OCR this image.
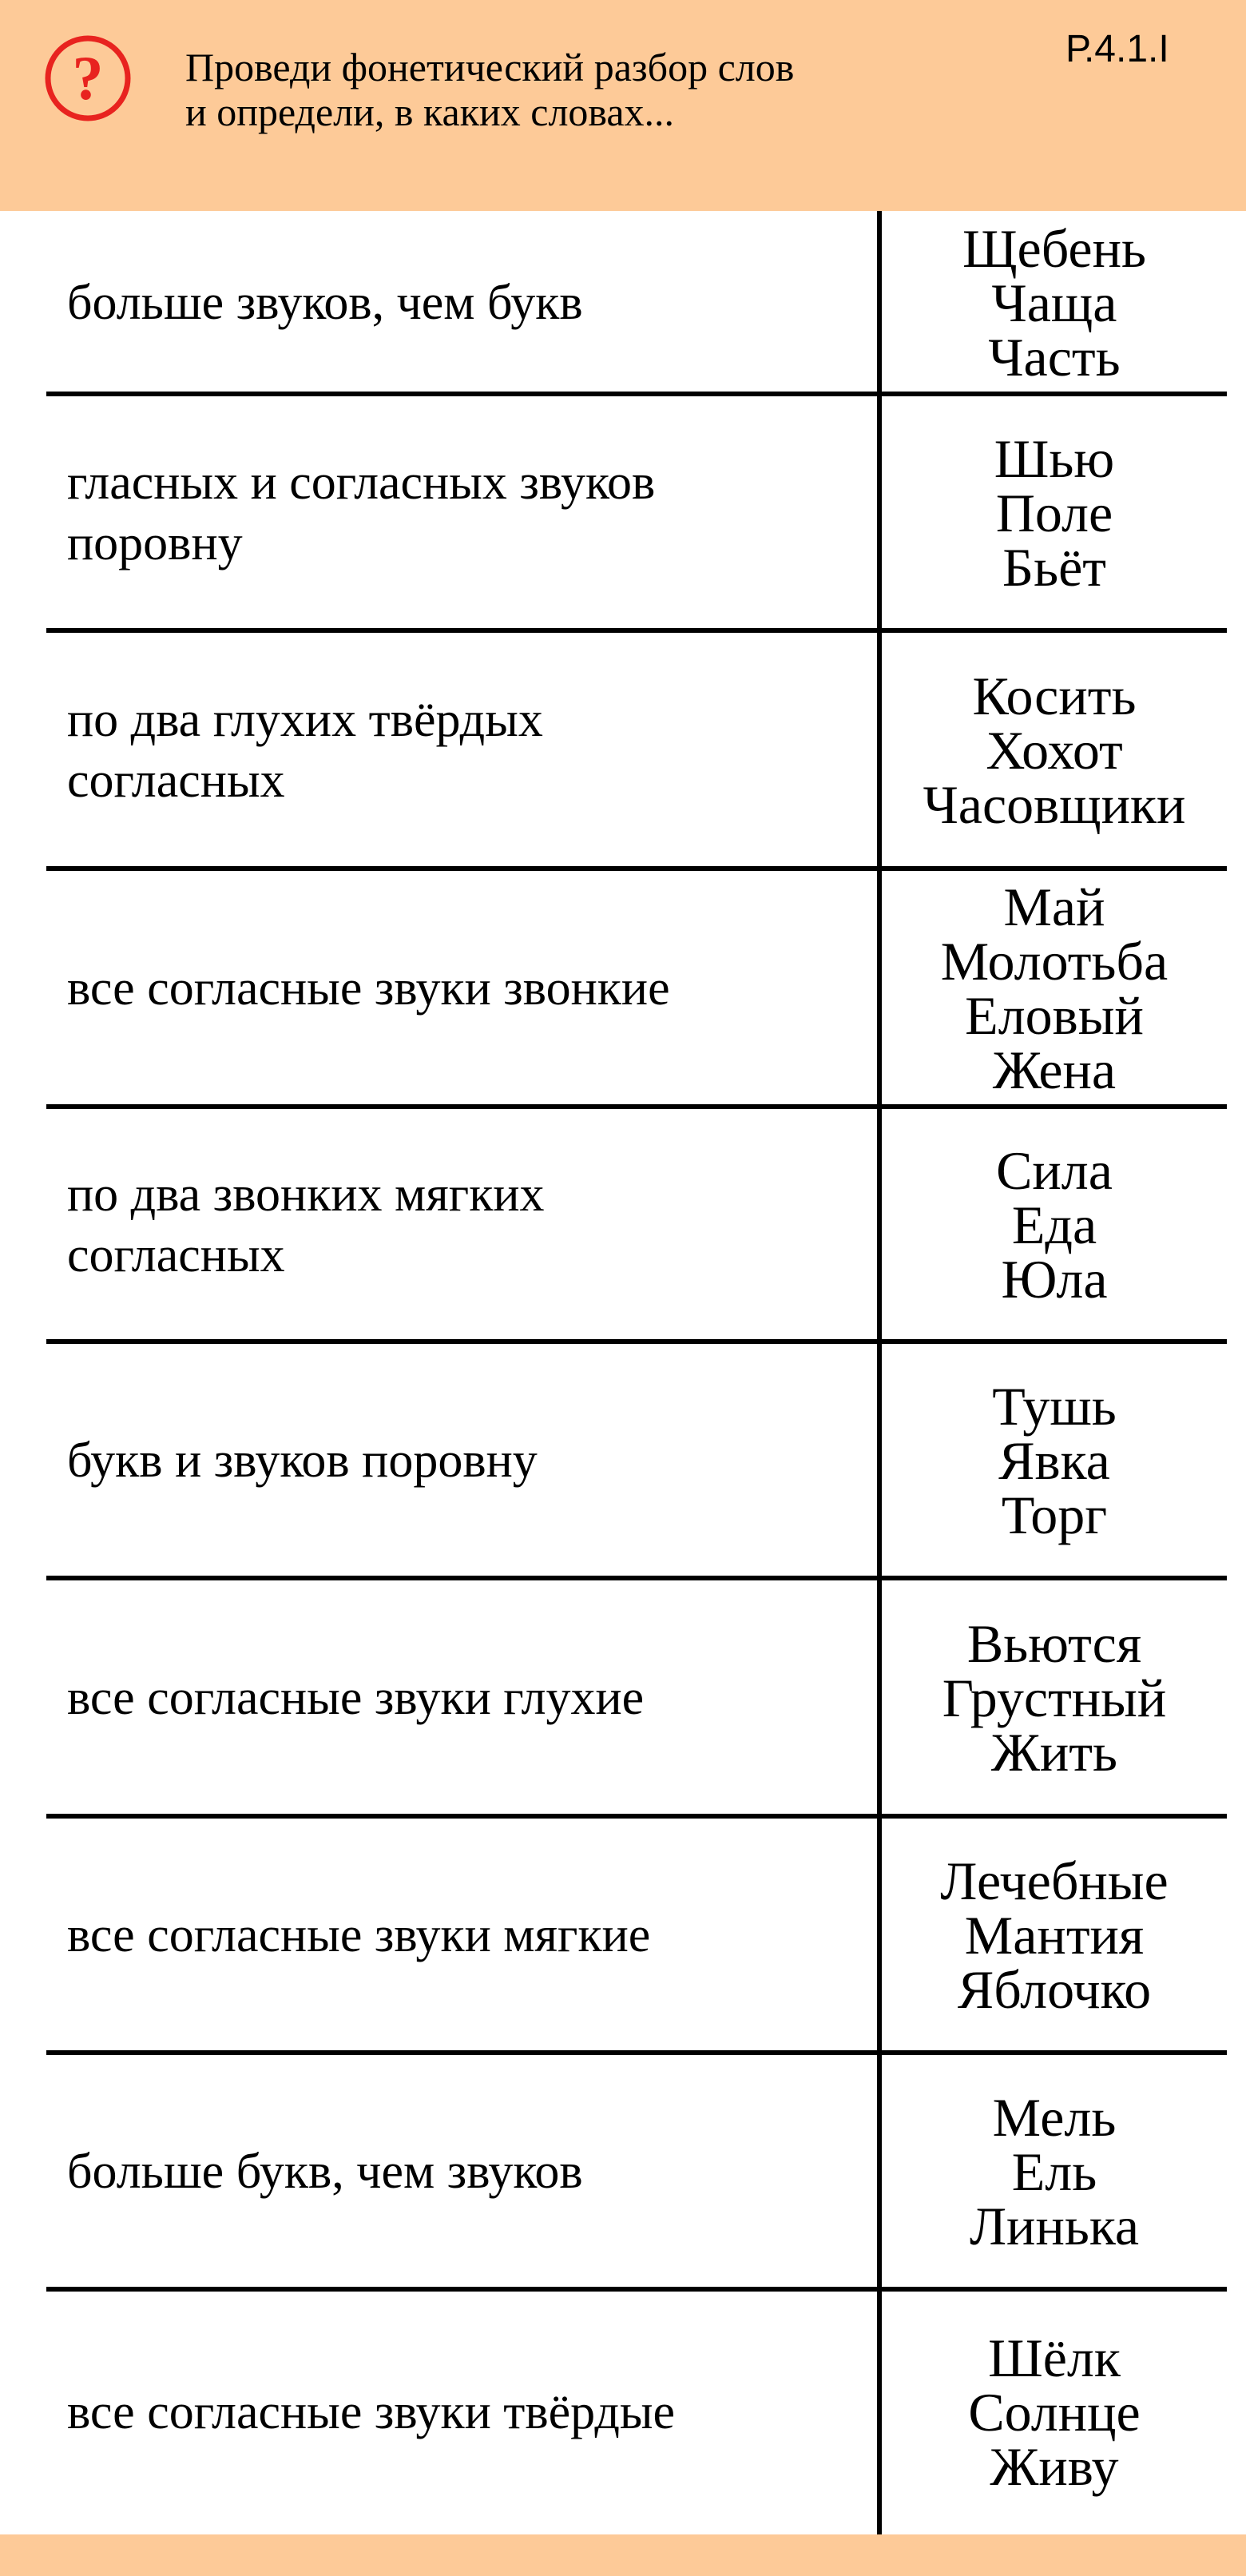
? Проведи фонетический разбор слов
и определи, в каких словах...
Р.4.1.I
больше звуков, чем букв
Щебень
Чаща
Часть
гласных и согласных звуков
поровну
Шью
Поле
Бьёт
по два глухих твёрдых
согласных
Косить
Хохот
Часовщики
все согласные звуки звонкие
Май
Молотьба
Еловый
Жена
по два звонких мягких
согласных
Сила
Еда
Юла
букв и звуков поровну
Тушь
Явка
Торг
все согласные звуки глухие
Вьются
Грустный
Жить
все согласные звуки мягкие
Лечебные
Мантия
Яблочко
больше букв, чем звуков
Мель
Ель
Линька
все согласные звуки твёрдые
Шёлк
Солнце
Живу
